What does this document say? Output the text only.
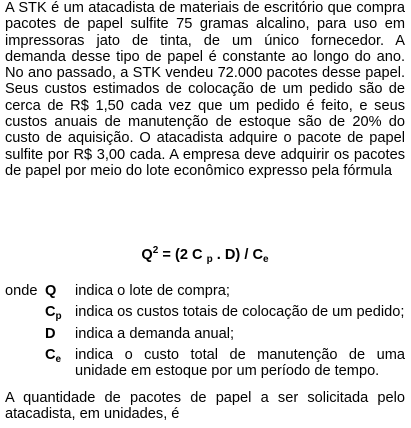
A STK é um atacadista de materiais de escritório que compra pacotes de papel sulfite 75 gramas alcalino, para uso em impressoras jato de tinta, de um único fornecedor. A demanda desse tipo de papel é constante ao longo do ano. No ano passado, a STK vendeu 72.000 pacotes desse papel. Seus custos estimados de colocação de um pedido são de cerca de R$ 1,50 cada vez que um pedido é feito, e seus custos anuais de manutenção de estoque são de 20% do custo de aquisição. O atacadista adquire o pacote de papel sulfite por R$ 3,00 cada. A empresa deve adquirir os pacotes de papel por meio do lote econômico expresso pela fórmula

$Q^2 = (2$ C $_p$ . $D) / C_e$

onde Q	indica o lote de compra;
$C_p$ indica os custos totais de colocação de um pedido;
D	indica a demanda anual;
$C_e$ indica o custo total de manutenção de uma unidade em estoque por um período de tempo.

A quantidade de pacotes de papel a ser solicitada pelo atacadista, em unidades, é
